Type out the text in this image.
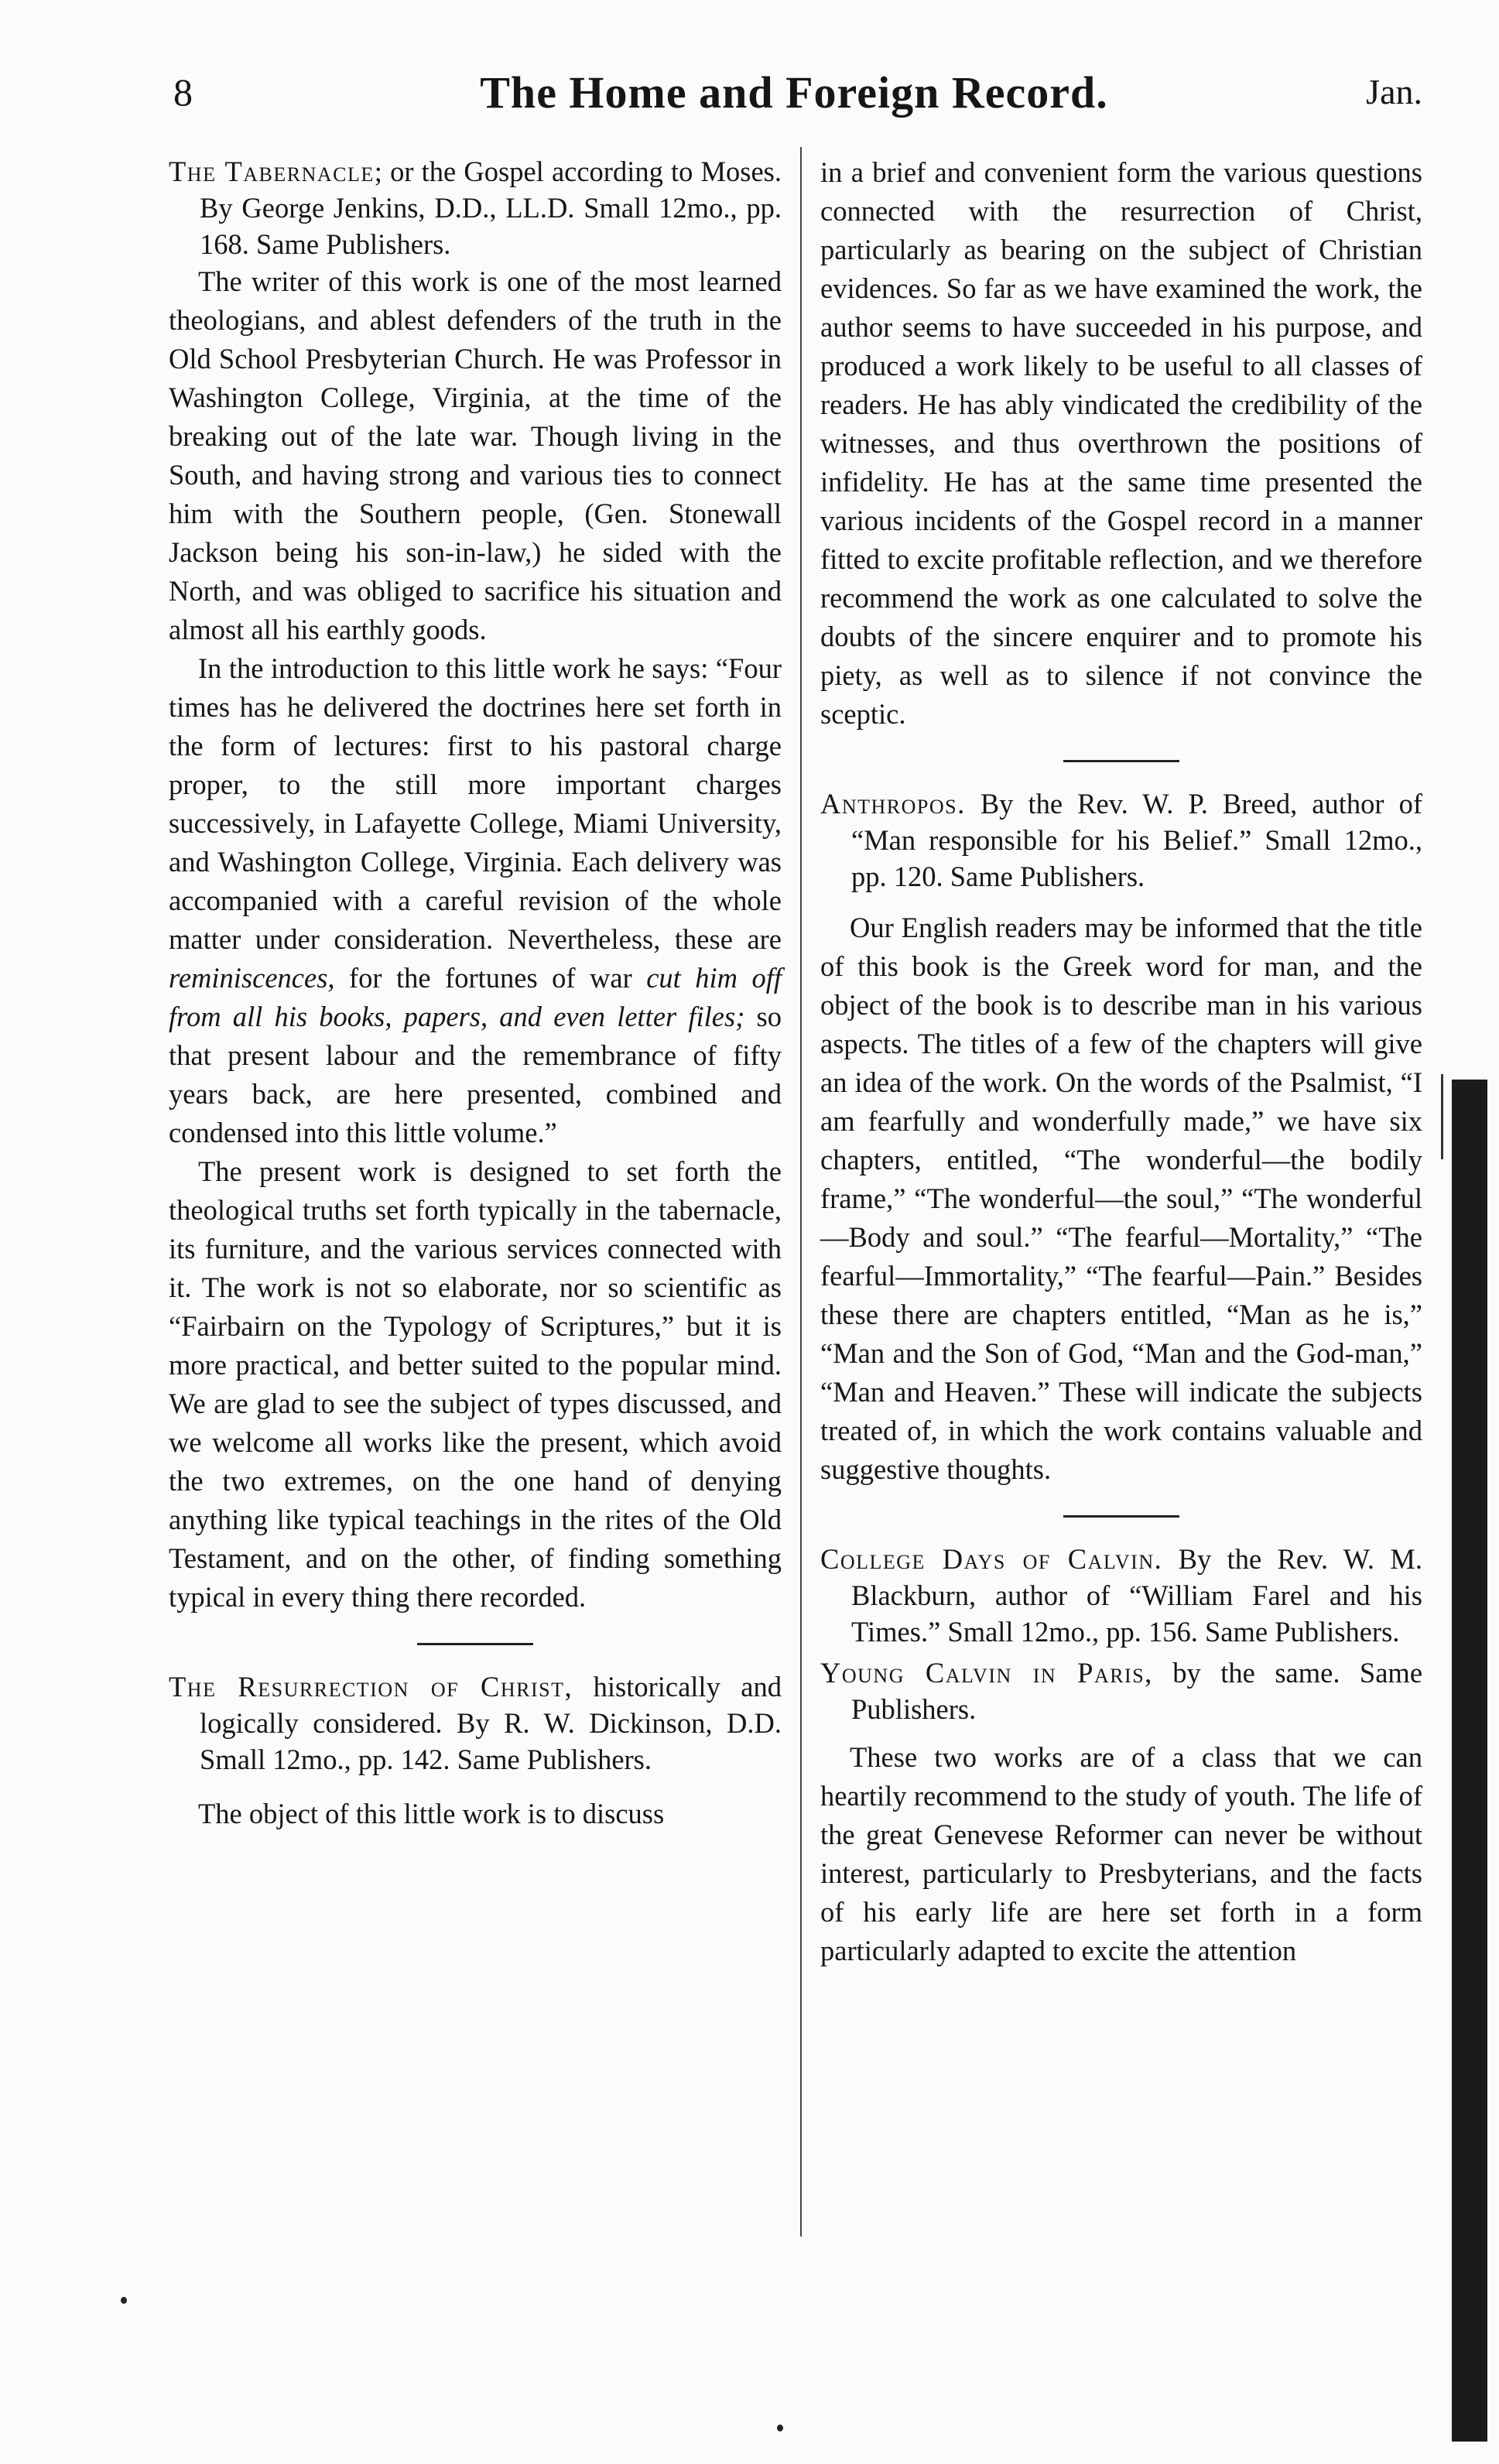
8	The Home and Foreign Record.	Jan.

The Tabernacle; or the Gospel according to Moses. By George Jenkins, D.D., LL.D. Small 12mo., pp. 168. Same Publishers.

The writer of this work is one of the most learned theologians, and ablest defenders of the truth in the Old School Presbyterian Church. He was Professor in Washington College, Virginia, at the time of the breaking out of the late war. Though living in the South, and having strong and various ties to connect him with the Southern people, (Gen. Stonewall Jackson being his son-in-law,) he sided with the North, and was obliged to sacrifice his situation and almost all his earthly goods.

In the introduction to this little work he says: “Four times has he delivered the doctrines here set forth in the form of lectures: first to his pastoral charge proper, to the still more important charges successively, in Lafayette College, Miami University, and Washington College, Virginia. Each delivery was accompanied with a careful revision of the whole matter under consideration. Nevertheless, these are reminiscences, for the fortunes of war cut him off from all his books, papers, and even letter files; so that present labour and the remembrance of fifty years back, are here presented, combined and condensed into this little volume.”

The present work is designed to set forth the theological truths set forth typically in the tabernacle, its furniture, and the various services connected with it. The work is not so elaborate, nor so scientific as “Fairbairn on the Typology of Scriptures,” but it is more practical, and better suited to the popular mind. We are glad to see the subject of types discussed, and we welcome all works like the present, which avoid the two extremes, on the one hand of denying anything like typical teachings in the rites of the Old Testament, and on the other, of finding something typical in every thing there recorded.

The Resurrection of Christ, historically and logically considered. By R. W. Dickinson, D.D. Small 12mo., pp. 142. Same Publishers.

The object of this little work is to discuss

in a brief and convenient form the various questions connected with the resurrection of Christ, particularly as bearing on the subject of Christian evidences. So far as we have examined the work, the author seems to have succeeded in his purpose, and produced a work likely to be useful to all classes of readers. He has ably vindicated the credibility of the witnesses, and thus overthrown the positions of infidelity. He has at the same time presented the various incidents of the Gospel record in a manner fitted to excite profitable reflection, and we therefore recommend the work as one calculated to solve the doubts of the sincere enquirer and to promote his piety, as well as to silence if not convince the sceptic.

Anthropos. By the Rev. W. P. Breed, author of “Man responsible for his Belief.” Small 12mo., pp. 120. Same Publishers.

Our English readers may be informed that the title of this book is the Greek word for man, and the object of the book is to describe man in his various aspects. The titles of a few of the chapters will give an idea of the work. On the words of the Psalmist, “I am fearfully and wonderfully made,” we have six chapters, entitled, “The wonderful—the bodily frame,” “The wonderful—the soul,” “The wonderful—Body and soul.” “The fearful—Mortality,” “The fearful—Immortality,” “The fearful—Pain.” Besides these there are chapters entitled, “Man as he is,” “Man and the Son of God, “Man and the God-man,” “Man and Heaven.” These will indicate the subjects treated of, in which the work contains valuable and suggestive thoughts.

College Days of Calvin. By the Rev. W. M. Blackburn, author of “William Farel and his Times.” Small 12mo., pp. 156. Same Publishers.

Young Calvin in Paris, by the same. Same Publishers.

These two works are of a class that we can heartily recommend to the study of youth. The life of the great Genevese Reformer can never be without interest, particularly to Presbyterians, and the facts of his early life are here set forth in a form particularly adapted to excite the attention
